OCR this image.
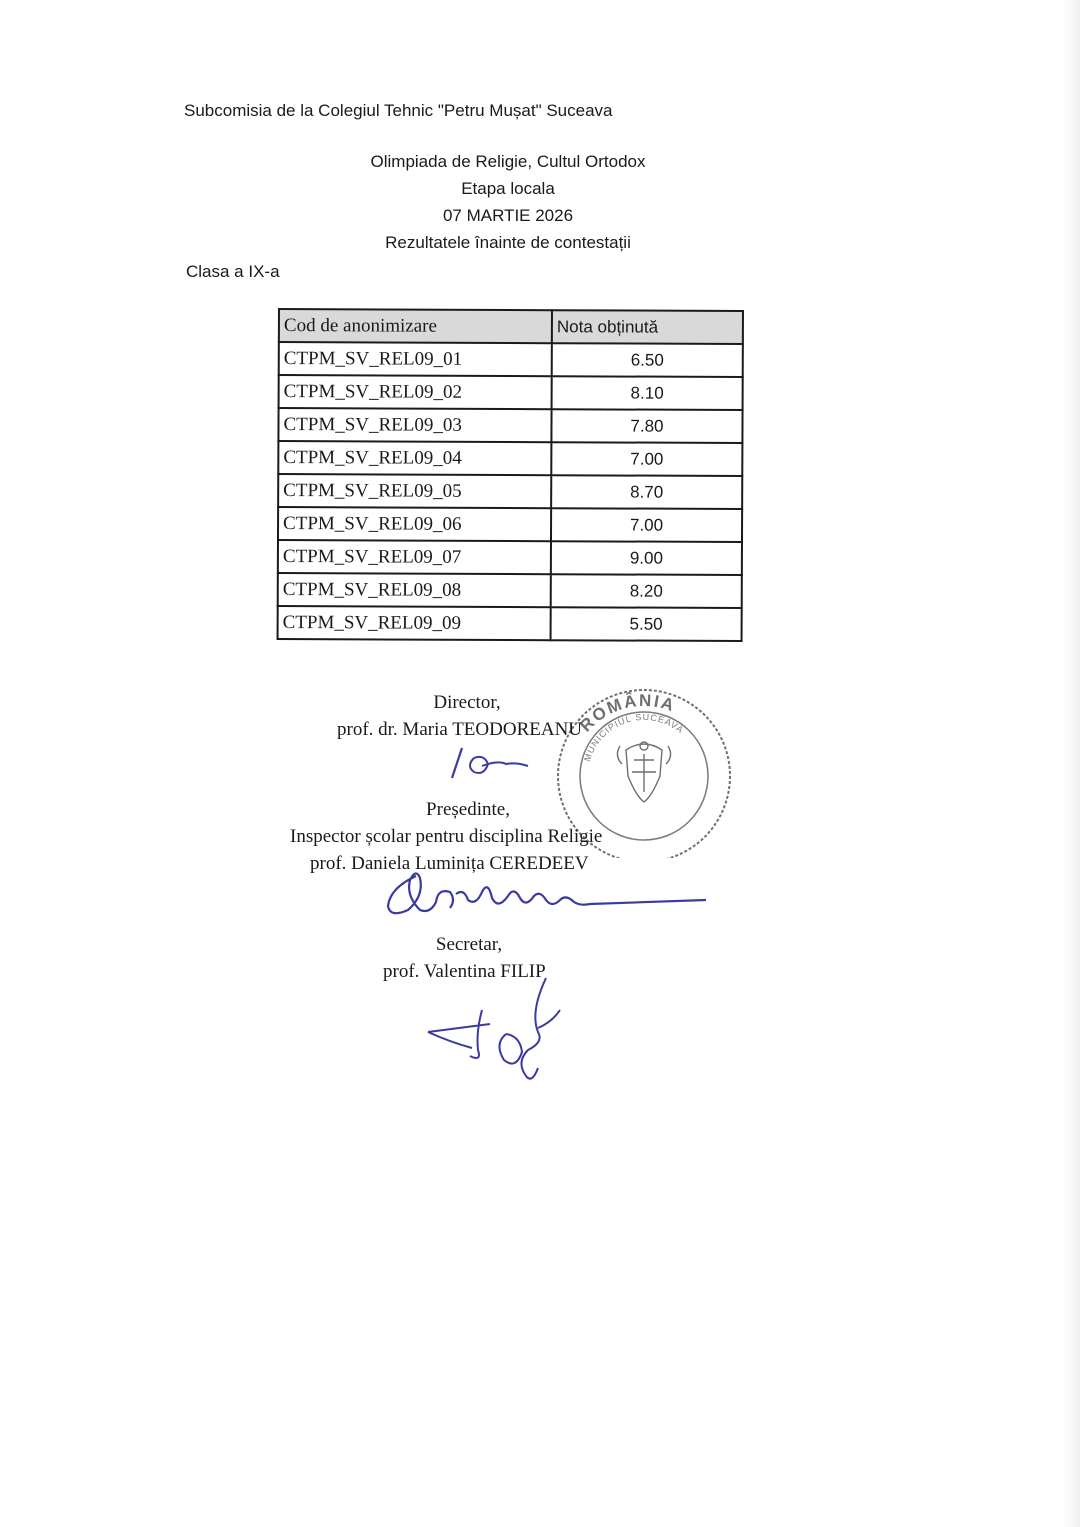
Subcomisia de la Colegiul Tehnic "Petru Mușat" Suceava
Olimpiada de Religie, Cultul Ortodox
Etapa locala
07 MARTIE 2026
Rezultatele înainte de contestații
Clasa a IX-a
Cod de anonimizare	Nota obținută
CTPM_SV_REL09_01	6.50
CTPM_SV_REL09_02	8.10
CTPM_SV_REL09_03	7.80
CTPM_SV_REL09_04	7.00
CTPM_SV_REL09_05	8.70
CTPM_SV_REL09_06	7.00
CTPM_SV_REL09_07	9.00
CTPM_SV_REL09_08	8.20
CTPM_SV_REL09_09	5.50
ROMÂNIA
MUNICIPIUL SUCEAVA
Director,
prof. dr. Maria TEODOREANU
Președinte,
Inspector școlar pentru disciplina Religie
prof. Daniela Luminița CEREDEEV
Secretar,
prof. Valentina FILIP
